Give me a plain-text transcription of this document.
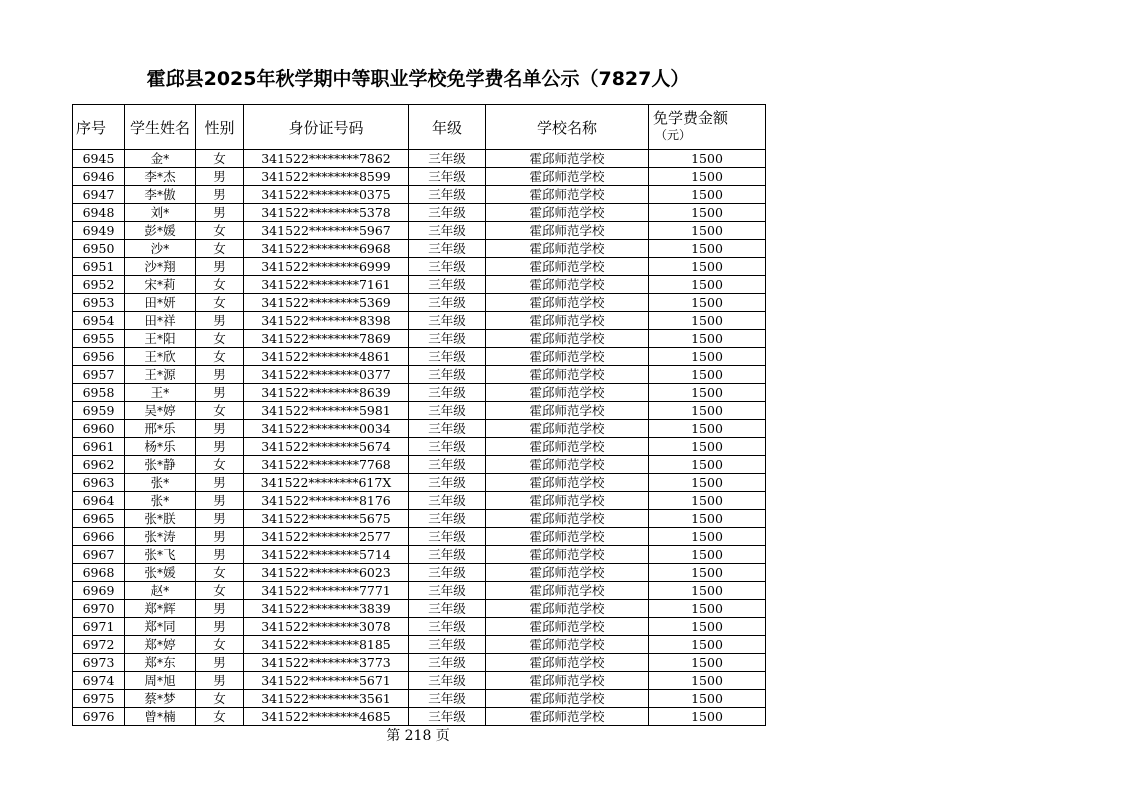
霍邱县2025年秋学期中等职业学校免学费名单公示（7827人）
序号	学生姓名	性别	身份证号码	年级	学校名称	免学费金额
（元）

6945	金*	女	341522********7862	三年级	霍邱师范学校	1500
6946	李*杰	男	341522********8599	三年级	霍邱师范学校	1500
6947	李*傲	男	341522********0375	三年级	霍邱师范学校	1500
6948	刘*	男	341522********5378	三年级	霍邱师范学校	1500
6949	彭*媛	女	341522********5967	三年级	霍邱师范学校	1500
6950	沙*	女	341522********6968	三年级	霍邱师范学校	1500
6951	沙*翔	男	341522********6999	三年级	霍邱师范学校	1500
6952	宋*莉	女	341522********7161	三年级	霍邱师范学校	1500
6953	田*妍	女	341522********5369	三年级	霍邱师范学校	1500
6954	田*祥	男	341522********8398	三年级	霍邱师范学校	1500
6955	王*阳	女	341522********7869	三年级	霍邱师范学校	1500
6956	王*欣	女	341522********4861	三年级	霍邱师范学校	1500
6957	王*源	男	341522********0377	三年级	霍邱师范学校	1500
6958	王*	男	341522********8639	三年级	霍邱师范学校	1500
6959	吴*婷	女	341522********5981	三年级	霍邱师范学校	1500
6960	邢*乐	男	341522********0034	三年级	霍邱师范学校	1500
6961	杨*乐	男	341522********5674	三年级	霍邱师范学校	1500
6962	张*静	女	341522********7768	三年级	霍邱师范学校	1500
6963	张*	男	341522********617X	三年级	霍邱师范学校	1500
6964	张*	男	341522********8176	三年级	霍邱师范学校	1500
6965	张*朕	男	341522********5675	三年级	霍邱师范学校	1500
6966	张*涛	男	341522********2577	三年级	霍邱师范学校	1500
6967	张*飞	男	341522********5714	三年级	霍邱师范学校	1500
6968	张*媛	女	341522********6023	三年级	霍邱师范学校	1500
6969	赵*	女	341522********7771	三年级	霍邱师范学校	1500
6970	郑*辉	男	341522********3839	三年级	霍邱师范学校	1500
6971	郑*同	男	341522********3078	三年级	霍邱师范学校	1500
6972	郑*婷	女	341522********8185	三年级	霍邱师范学校	1500
6973	郑*东	男	341522********3773	三年级	霍邱师范学校	1500
6974	周*旭	男	341522********5671	三年级	霍邱师范学校	1500
6975	蔡*梦	女	341522********3561	三年级	霍邱师范学校	1500
6976	曾*楠	女	341522********4685	三年级	霍邱师范学校	1500
第 218 页
